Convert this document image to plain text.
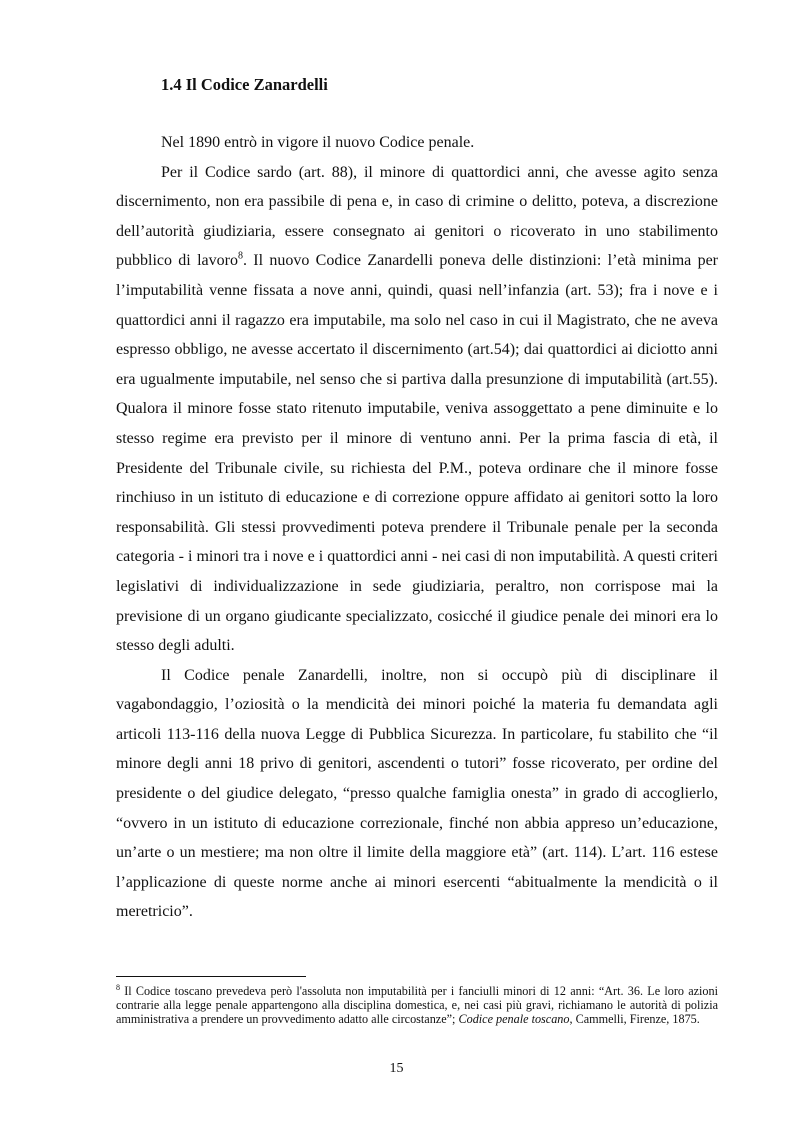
1.4 Il Codice Zanardelli

Nel 1890 entrò in vigore il nuovo Codice penale.

Per il Codice sardo (art. 88), il minore di quattordici anni, che avesse agito senza discernimento, non era passibile di pena e, in caso di crimine o delitto, poteva, a discrezione dell’autorità giudiziaria, essere consegnato ai genitori o ricoverato in uno stabilimento pubblico di lavoro$^8$. Il nuovo Codice Zanardelli poneva delle distinzioni: l’età minima per l’imputabilità venne fissata a nove anni, quindi, quasi nell’infanzia (art. 53); fra i nove e i quattordici anni il ragazzo era imputabile, ma solo nel caso in cui il Magistrato, che ne aveva espresso obbligo, ne avesse accertato il discernimento (art.54); dai quattordici ai diciotto anni era ugualmente imputabile, nel senso che si partiva dalla presunzione di imputabilità (art.55). Qualora il minore fosse stato ritenuto imputabile, veniva assoggettato a pene diminuite e lo stesso regime era previsto per il minore di ventuno anni. Per la prima fascia di età, il Presidente del Tribunale civile, su richiesta del P.M., poteva ordinare che il minore fosse rinchiuso in un istituto di educazione e di correzione oppure affidato ai genitori sotto la loro responsabilità. Gli stessi provvedimenti poteva prendere il Tribunale penale per la seconda categoria - i minori tra i nove e i quattordici anni - nei casi di non imputabilità. A questi criteri legislativi di individualizzazione in sede giudiziaria, peraltro, non corrispose mai la previsione di un organo giudicante specializzato, cosicché il giudice penale dei minori era lo stesso degli adulti.

Il Codice penale Zanardelli, inoltre, non si occupò più di disciplinare il vagabondaggio, l’oziosità o la mendicità dei minori poiché la materia fu demandata agli articoli 113-116 della nuova Legge di Pubblica Sicurezza. In particolare, fu stabilito che “il minore degli anni 18 privo di genitori, ascendenti o tutori” fosse ricoverato, per ordine del presidente o del giudice delegato, “presso qualche famiglia onesta” in grado di accoglierlo, “ovvero in un istituto di educazione correzionale, finché non abbia appreso un’educazione, un’arte o un mestiere; ma non oltre il limite della maggiore età” (art. 114). L’art. 116 estese l’applicazione di queste norme anche ai minori esercenti “abitualmente la mendicità o il meretricio”.

$^8$ Il Codice toscano prevedeva però l'assoluta non imputabilità per i fanciulli minori di 12 anni: “Art. 36. Le loro azioni contrarie alla legge penale appartengono alla disciplina domestica, e, nei casi più gravi, richiamano le autorità di polizia amministrativa a prendere un provvedimento adatto alle circostanze”; Codice penale toscano, Cammelli, Firenze, 1875.

15
